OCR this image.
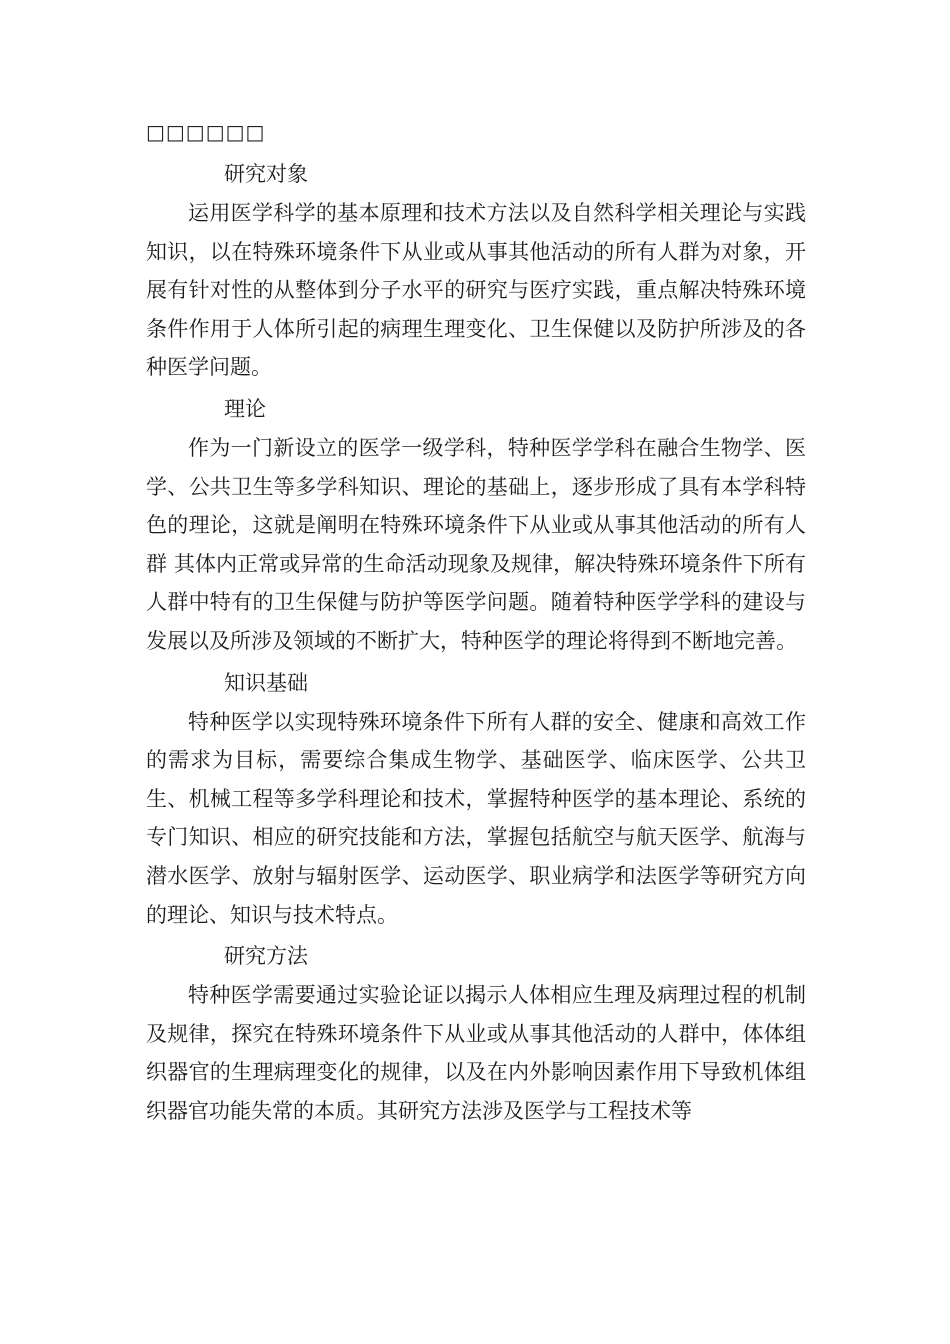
□□□□□□
研究对象

运用医学科学的基本原理和技术方法以及自然科学相关理论与实践知识，以在特殊环境条件下从业或从事其他活动的所有人群为对象，开展有针对性的从整体到分子水平的研究与医疗实践，重点解决特殊环境条件作用于人体所引起的病理生理变化、卫生保健以及防护所涉及的各种医学问题。

理论

作为一门新设立的医学一级学科，特种医学学科在融合生物学、医学、公共卫生等多学科知识、理论的基础上，逐步形成了具有本学科特色的理论，这就是阐明在特殊环境条件下从业或从事其他活动的所有人群 其体内正常或异常的生命活动现象及规律，解决特殊环境条件下所有人群中特有的卫生保健与防护等医学问题。随着特种医学学科的建设与发展以及所涉及领域的不断扩大，特种医学的理论将得到不断地完善。

知识基础

特种医学以实现特殊环境条件下所有人群的安全、健康和高效工作的需求为目标，需要综合集成生物学、基础医学、临床医学、公共卫生、机械工程等多学科理论和技术，掌握特种医学的基本理论、系统的专门知识、相应的研究技能和方法，掌握包括航空与航天医学、航海与潜水医学、放射与辐射医学、运动医学、职业病学和法医学等研究方向的理论、知识与技术特点。

研究方法

特种医学需要通过实验论证以揭示人体相应生理及病理过程的机制及规律，探究在特殊环境条件下从业或从事其他活动的人群中，体体组织器官的生理病理变化的规律，以及在内外影响因素作用下导致机体组织器官功能失常的本质。其研究方法涉及医学与工程技术等
